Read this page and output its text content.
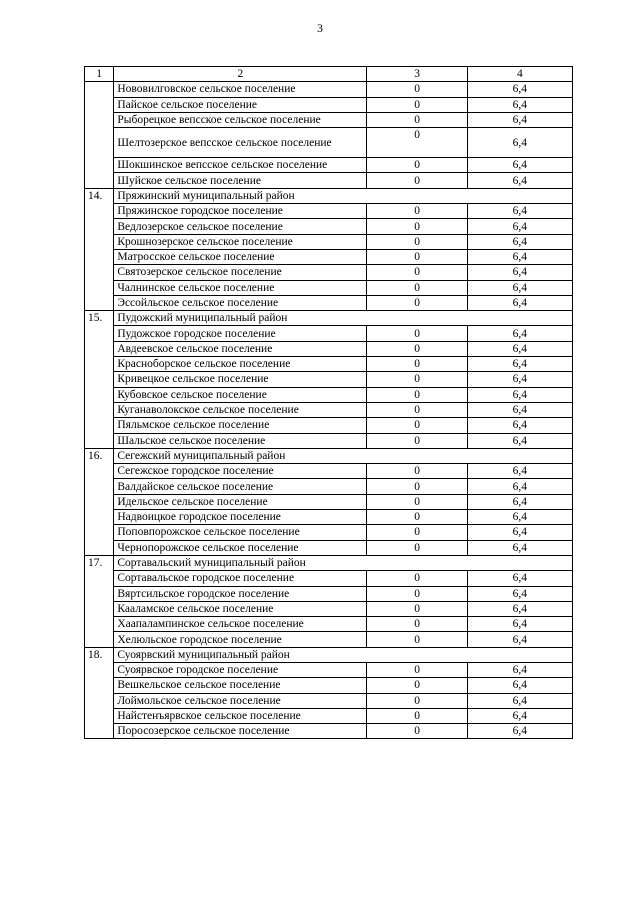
3
1	2	3	4
	Нововилговское сельское поселение	0	6,4
	Пайское сельское поселение	0	6,4
	Рыборецкое вепсское сельское поселение	0	6,4
	Шелтозерское вепсское сельское поселение	0	6,4
	Шокшинское вепсское сельское поселение	0	6,4
	Шуйское сельское поселение	0	6,4
14.	Пряжинский муниципальный район		
	Пряжинское городское поселение	0	6,4
	Ведлозерское сельское поселение	0	6,4
	Крошнозерское сельское поселение	0	6,4
	Матросское сельское поселение	0	6,4
	Святозерское сельское поселение	0	6,4
	Чалнинское сельское поселение	0	6,4
	Эссойльское сельское поселение	0	6,4
15.	Пудожский муниципальный район		
	Пудожское городское поселение	0	6,4
	Авдеевское сельское поселение	0	6,4
	Красноборское сельское поселение	0	6,4
	Кривецкое сельское поселение	0	6,4
	Кубовское сельское поселение	0	6,4
	Куганаволокское сельское поселение	0	6,4
	Пяльмское сельское поселение	0	6,4
	Шальское сельское поселение	0	6,4
16.	Сегежский муниципальный район		
	Сегежское городское поселение	0	6,4
	Валдайское сельское поселение	0	6,4
	Идельское сельское поселение	0	6,4
	Надвоицкое городское поселение	0	6,4
	Поповпорожское сельское поселение	0	6,4
	Чернопорожское сельское поселение	0	6,4
17.	Сортавальский муниципальный район		
	Сортавальское городское поселение	0	6,4
	Вяртсильское городское поселение	0	6,4
	Кааламское сельское поселение	0	6,4
	Хаапалампинское сельское поселение	0	6,4
	Хелюльское городское поселение	0	6,4
18.	Суоярвский муниципальный район		
	Суоярвское городское поселение	0	6,4
	Вешкельское сельское поселение	0	6,4
	Лоймольское сельское поселение	0	6,4
	Найстенъярвское сельское поселение	0	6,4
	Поросозерское сельское поселение	0	6,4
